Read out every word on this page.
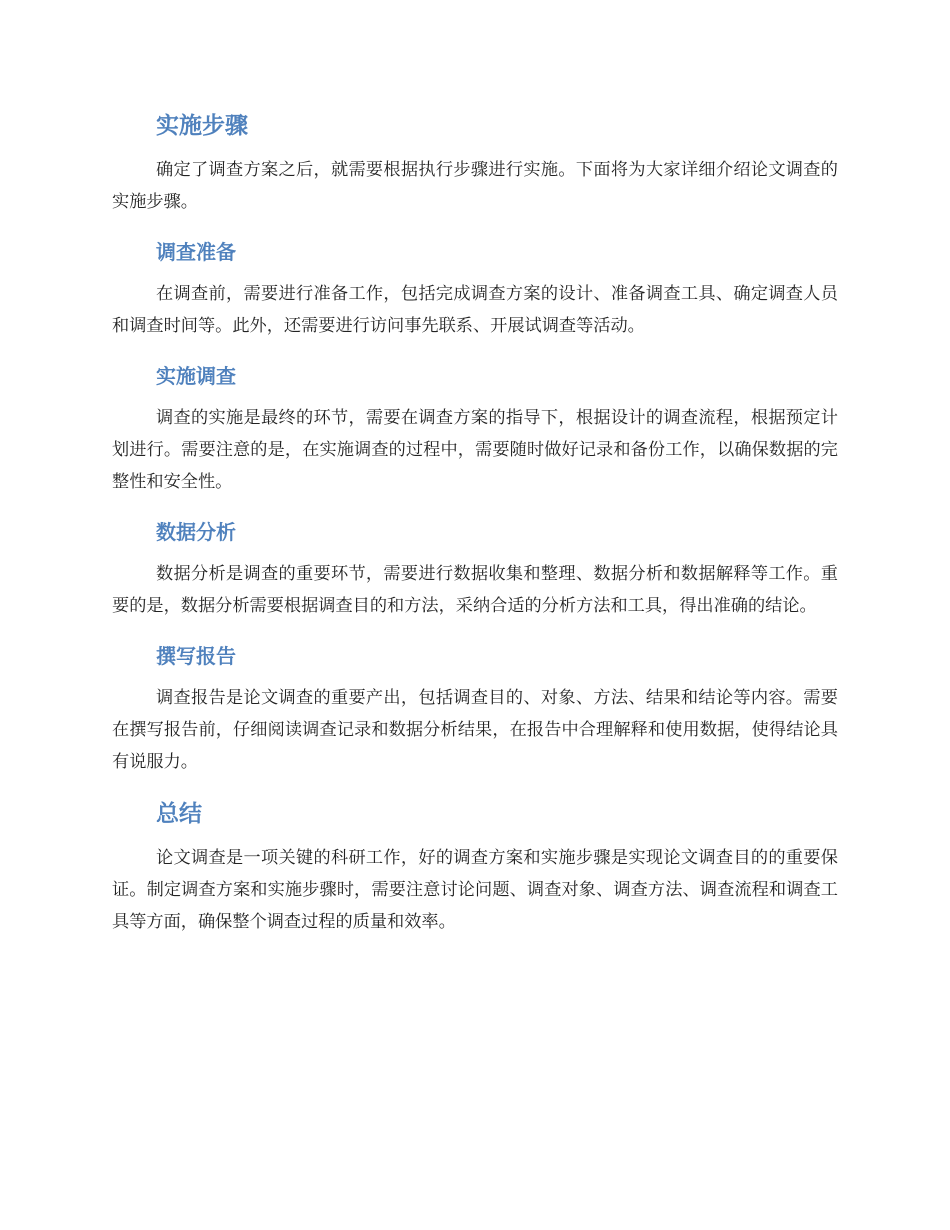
实施步骤

确定了调查方案之后，就需要根据执行步骤进行实施。下面将为大家详细介绍论文调查的实施步骤。

调查准备

在调查前，需要进行准备工作，包括完成调查方案的设计、准备调查工具、确定调查人员和调查时间等。此外，还需要进行访问事先联系、开展试调查等活动。

实施调查

调查的实施是最终的环节，需要在调查方案的指导下，根据设计的调查流程，根据预定计划进行。需要注意的是，在实施调查的过程中，需要随时做好记录和备份工作，以确保数据的完整性和安全性。

数据分析

数据分析是调查的重要环节，需要进行数据收集和整理、数据分析和数据解释等工作。重要的是，数据分析需要根据调查目的和方法，采纳合适的分析方法和工具，得出准确的结论。

撰写报告

调查报告是论文调查的重要产出，包括调查目的、对象、方法、结果和结论等内容。需要在撰写报告前，仔细阅读调查记录和数据分析结果，在报告中合理解释和使用数据，使得结论具有说服力。

总结

论文调查是一项关键的科研工作，好的调查方案和实施步骤是实现论文调查目的的重要保证。制定调查方案和实施步骤时，需要注意讨论问题、调查对象、调查方法、调查流程和调查工具等方面，确保整个调查过程的质量和效率。
